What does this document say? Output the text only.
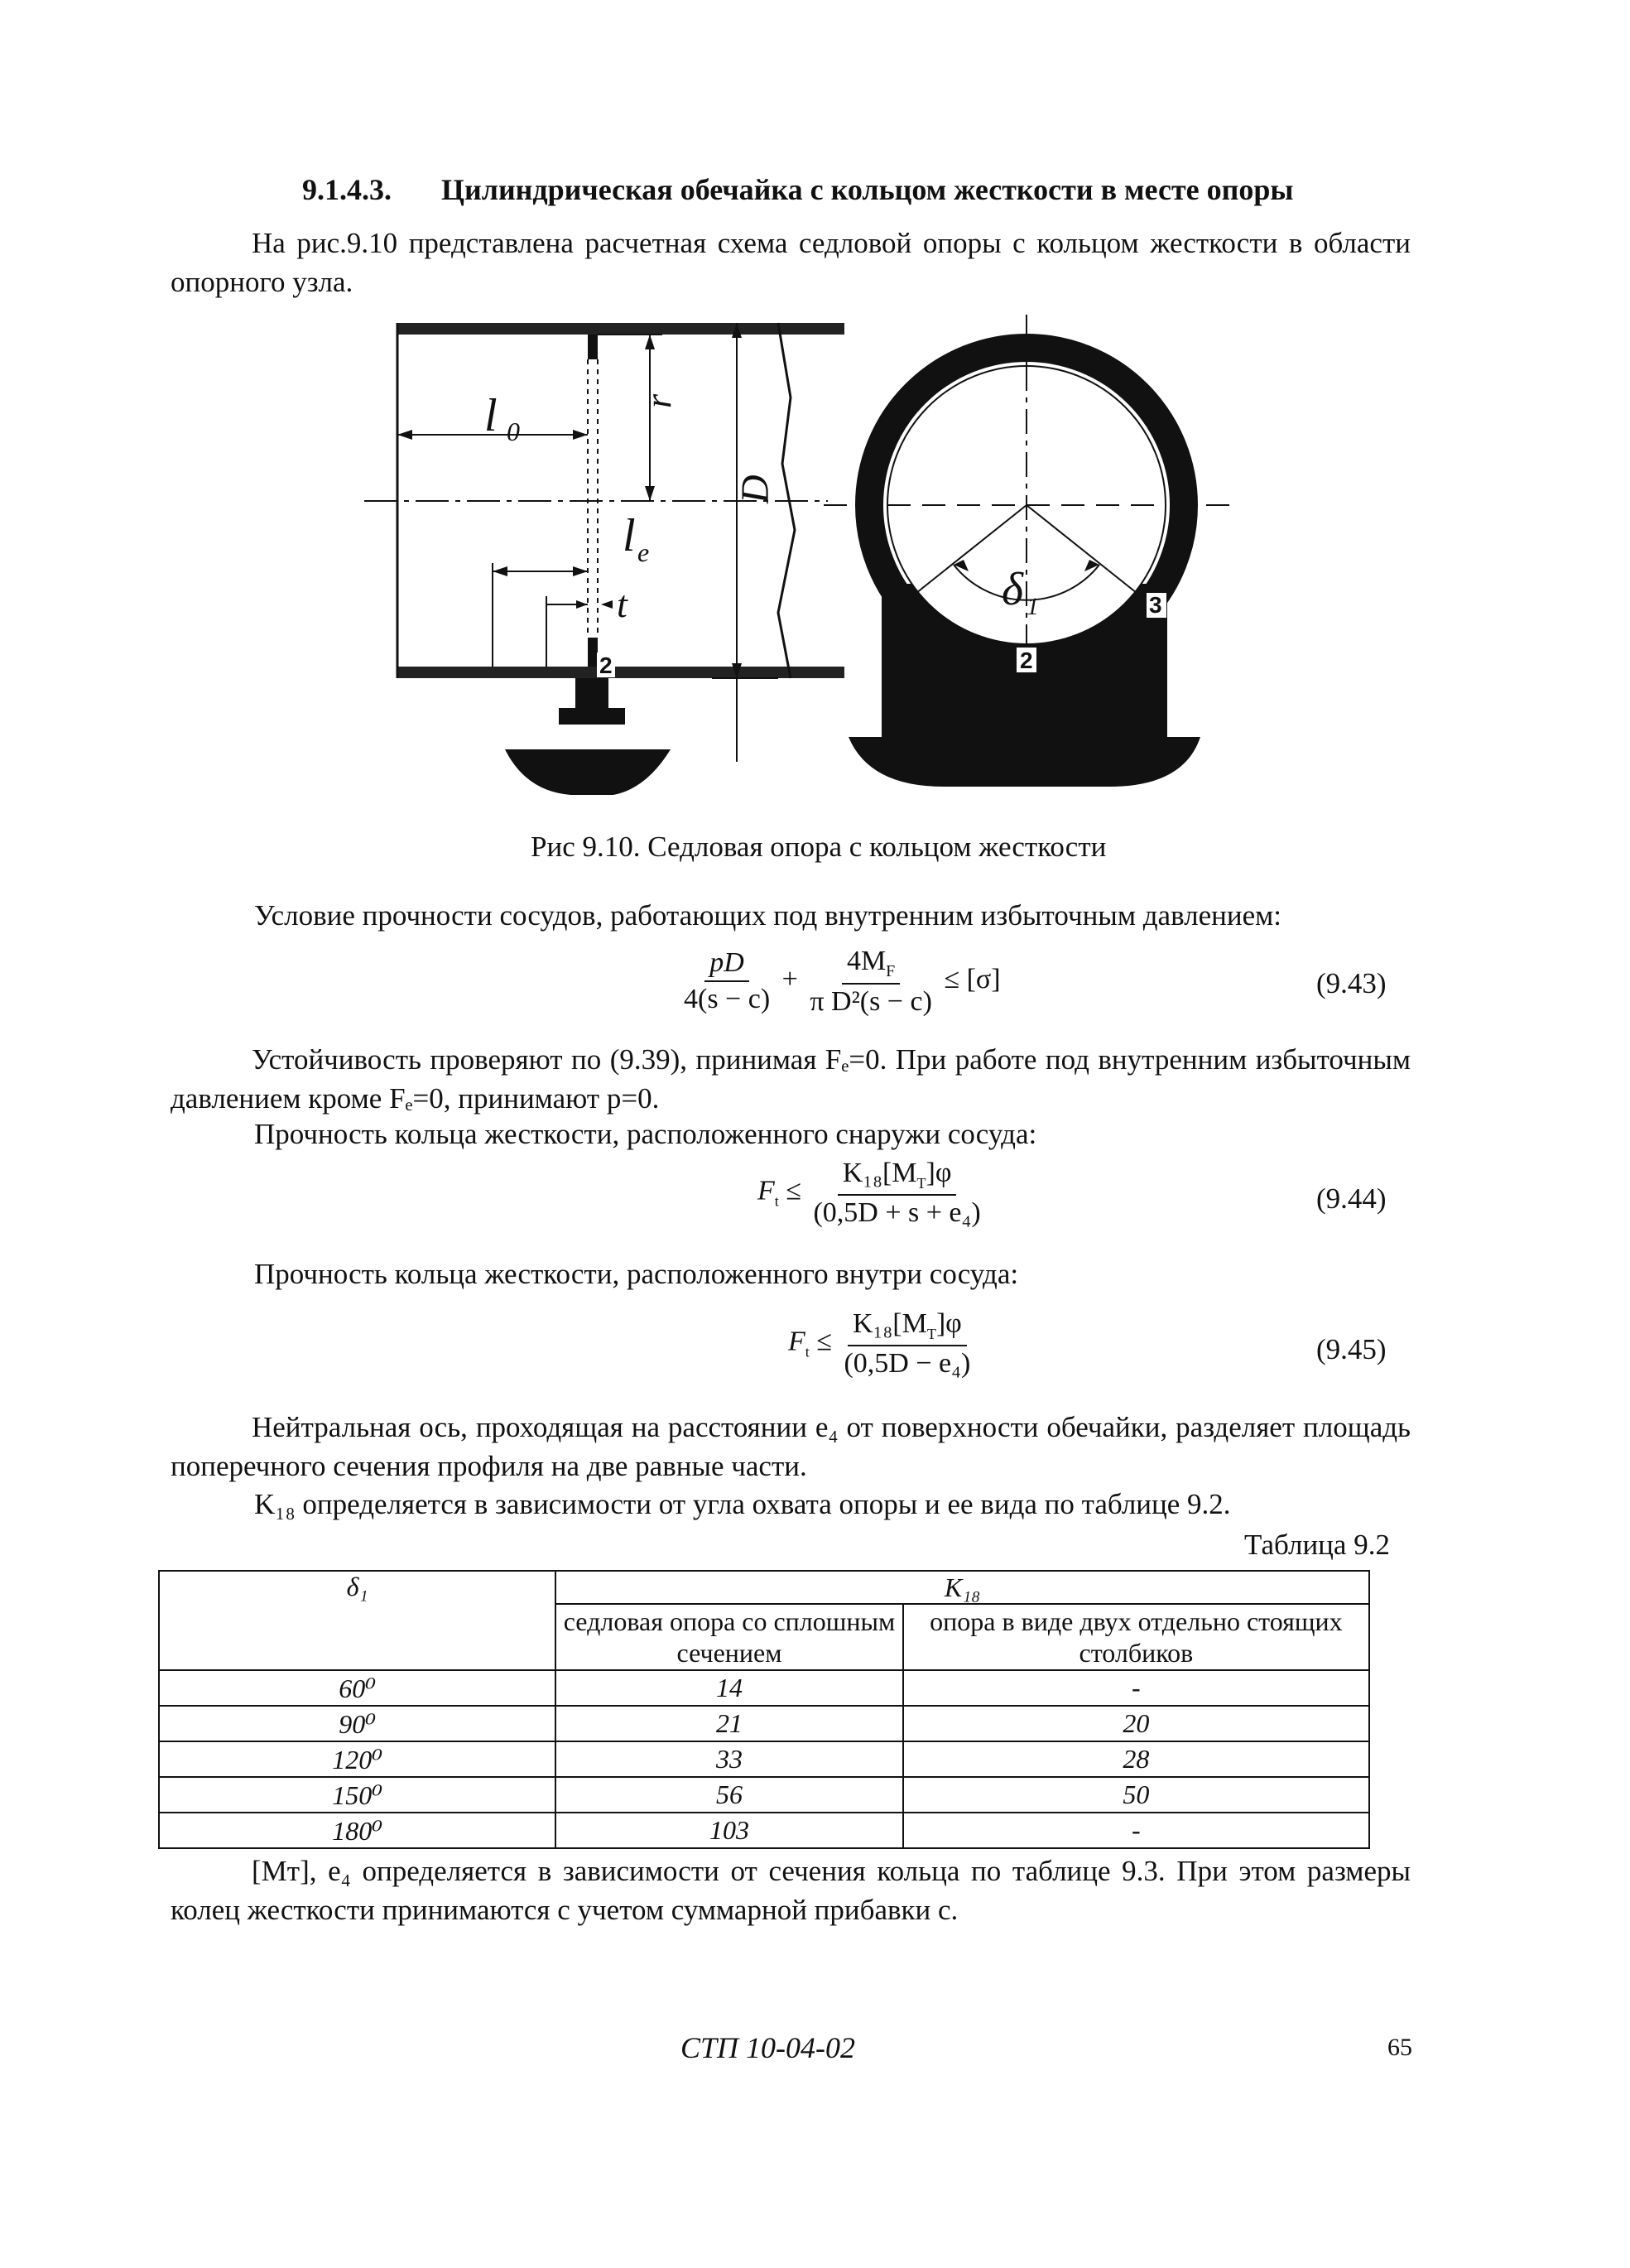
9.1.4.3. Цилиндрическая обечайка с кольцом жесткости в месте опоры
На рис.9.10 представлена расчетная схема седловой опоры с кольцом жесткости в области опорного узла.
l 0
r
D
l e
t	δ 1
2	2
3
Рис 9.10. Седловая опора с кольцом жесткости
Условие прочности сосудов, работающих под внутренним избыточным давлением:
$\frac{pD}{4(s - c)} + \frac{4M_F}{\text{π D²(s − c)}} \le [\sigma]$	(9.43)
Устойчивость проверяют по (9.39), принимая Fₑ=0. При работе под внутренним избыточным давлением кроме Fₑ=0, принимают p=0.
Прочность кольца жесткости, расположенного снаружи сосуда:
$F_t \le \frac{K_{18}[M_T]\varphi}{\text{(0,5D + s + e₄)}}$	(9.44)
Прочность кольца жесткости, расположенного внутри сосуда:
$F_t \le \frac{K_{18}[M_T]\varphi}{\text{(0,5D − e₄)}}$	(9.45)
Нейтральная ось, проходящая на расстоянии e₄ от поверхности обечайки, разделяет площадь поперечного сечения профиля на две равные части.
K₁₈ определяется в зависимости от угла охвата опоры и ее вида по таблице 9.2.
Таблица 9.2
δ₁	K₁₈	
	седловая опора со сплошным сечением	опора в виде двух отдельно стоящих столбиков
60⁰	14	-
90⁰	21	20
120⁰	33	28
150⁰	56	50
180⁰	103	-
[Mᴛ], e₄ определяется в зависимости от сечения кольца по таблице 9.3. При этом размеры колец жесткости принимаются с учетом суммарной прибавки c.
СТП 10-04-02	65
